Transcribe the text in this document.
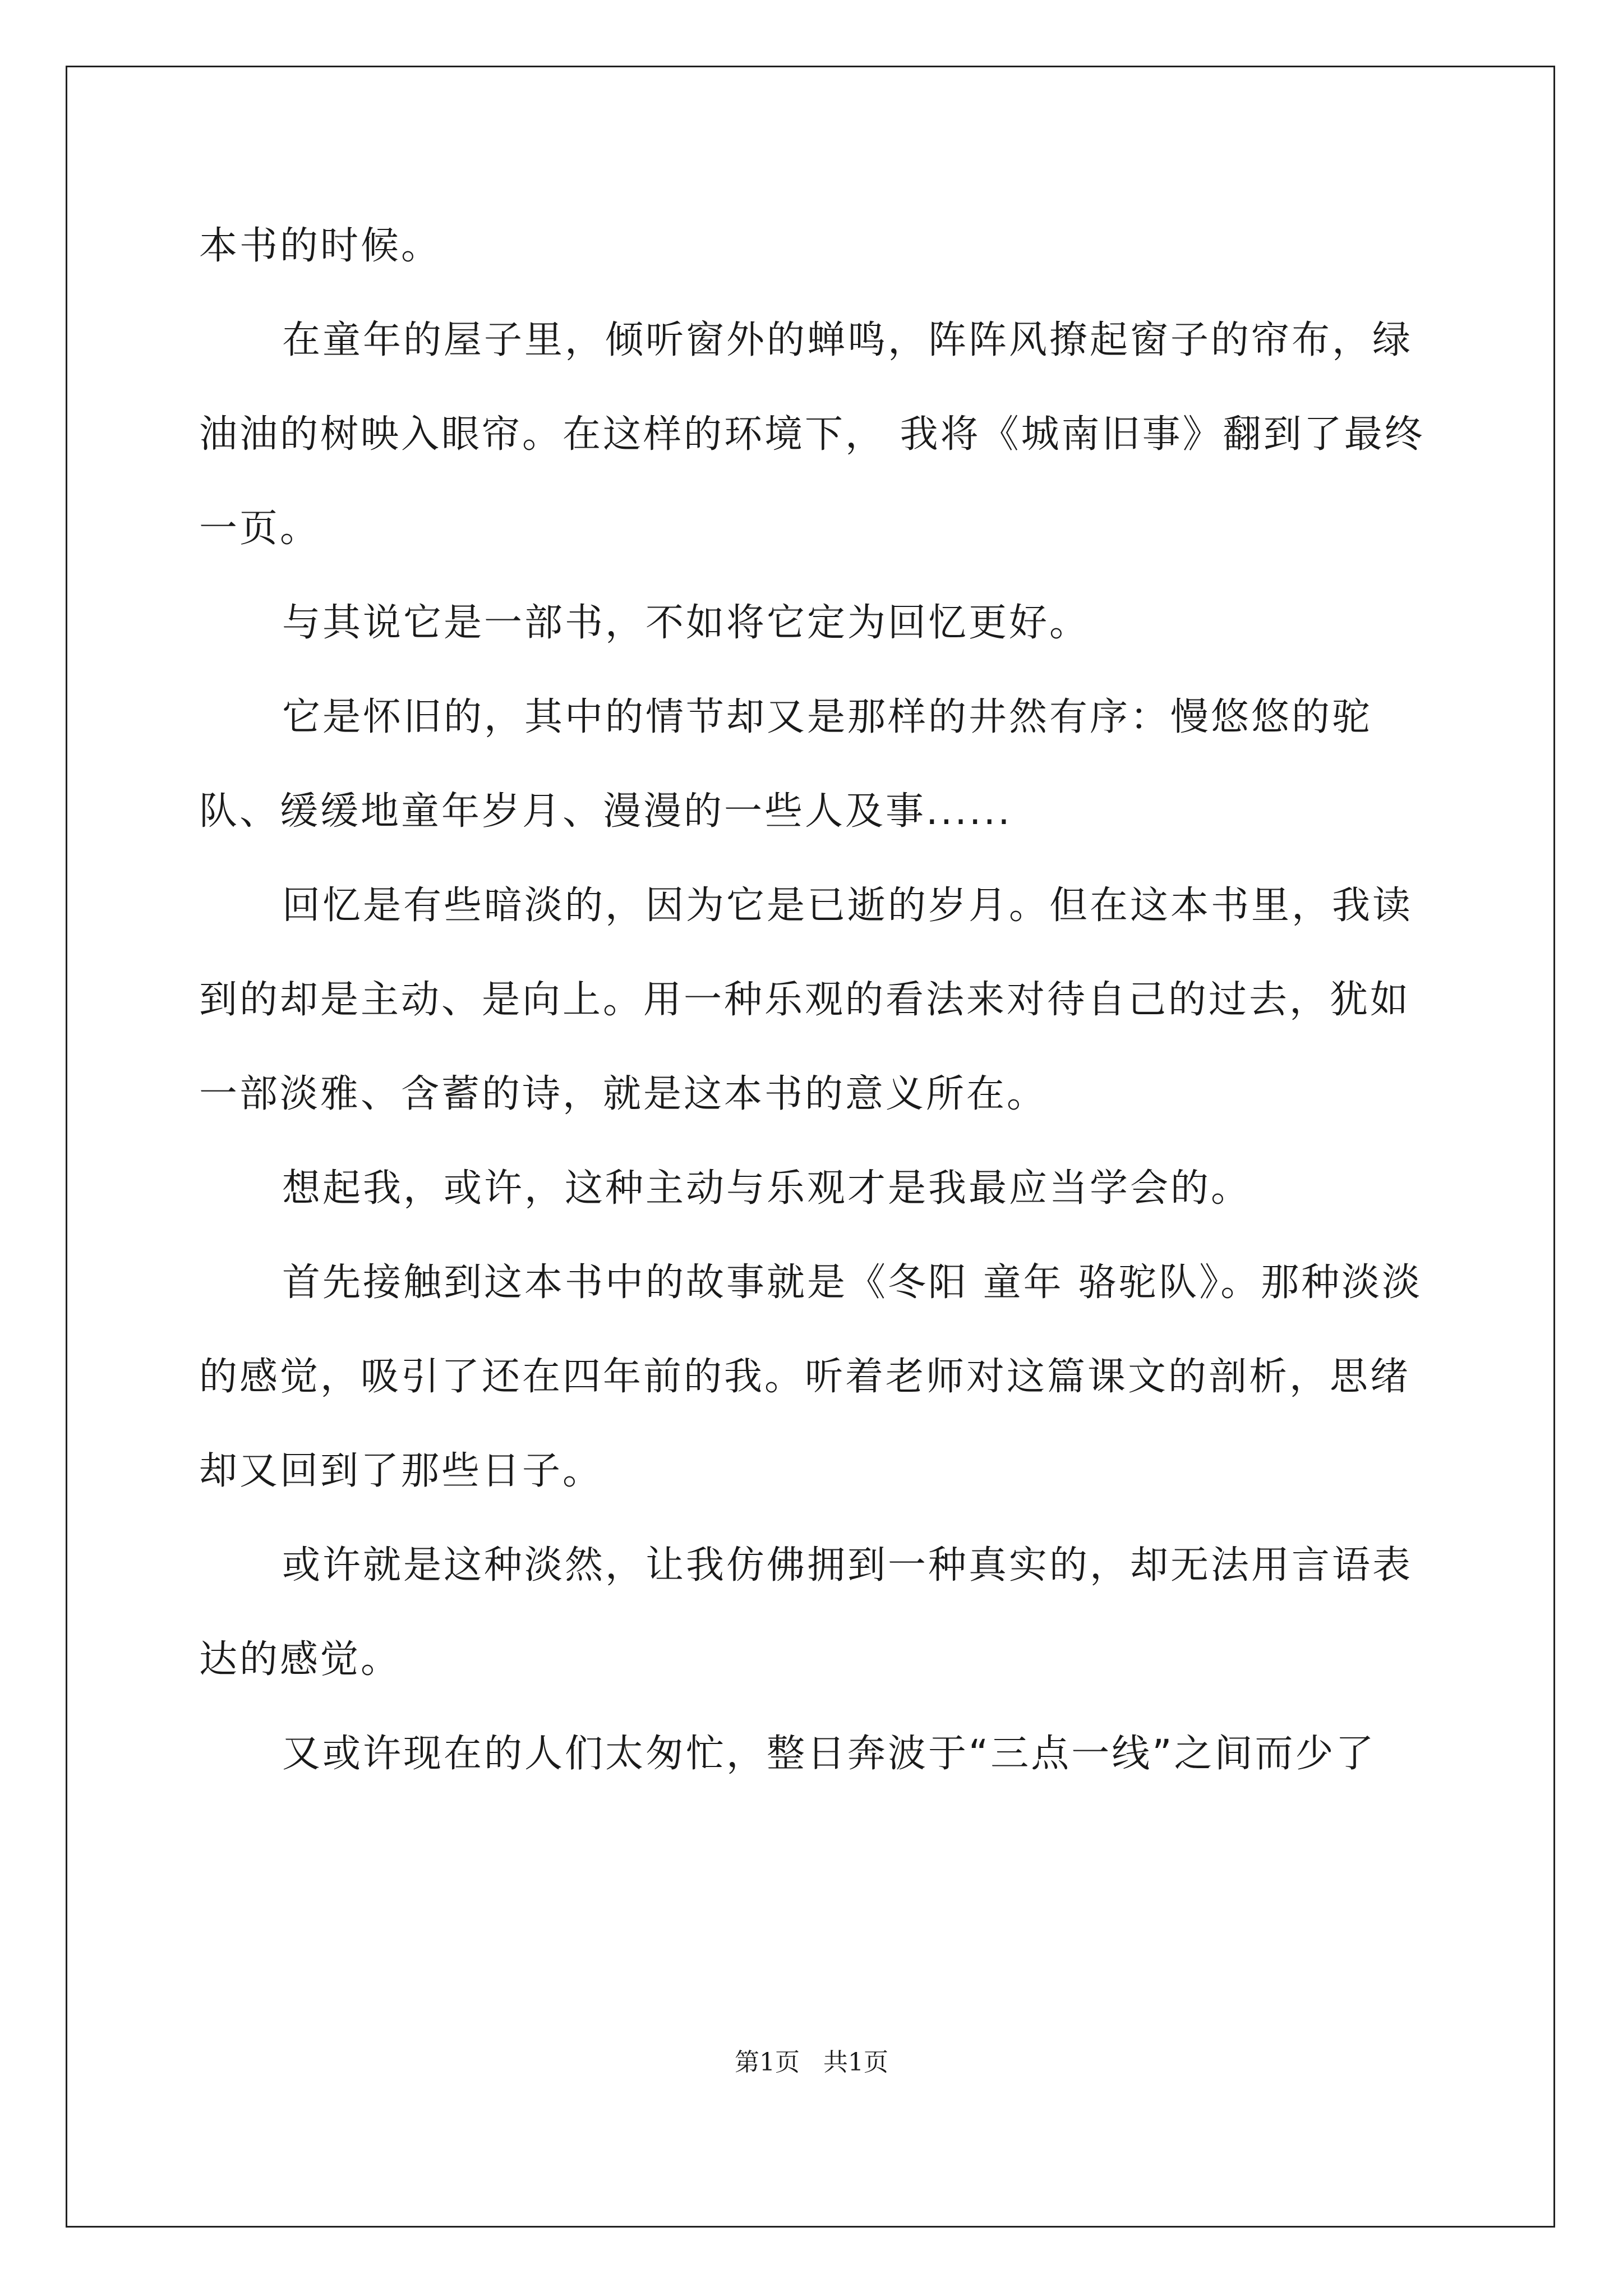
本书的时候。

在童年的屋子里，倾听窗外的蝉鸣，阵阵风撩起窗子的帘布，绿油油的树映入眼帘。在这样的环境下， 我将《城南旧事》翻到了最终一页。

与其说它是一部书，不如将它定为回忆更好。

它是怀旧的，其中的情节却又是那样的井然有序：慢悠悠的驼队、缓缓地童年岁月、漫漫的一些人及事......

回忆是有些暗淡的，因为它是已逝的岁月。但在这本书里，我读到的却是主动、是向上。用一种乐观的看法来对待自己的过去，犹如一部淡雅、含蓄的诗，就是这本书的意义所在。

想起我，或许，这种主动与乐观才是我最应当学会的。

首先接触到这本书中的故事就是《冬阳 童年 骆驼队》。那种淡淡的感觉，吸引了还在四年前的我。听着老师对这篇课文的剖析，思绪却又回到了那些日子。

或许就是这种淡然，让我仿佛拥到一种真实的，却无法用言语表达的感觉。

又或许现在的人们太匆忙，整日奔波于“三点一线”之间而少了

第1页   共1页
